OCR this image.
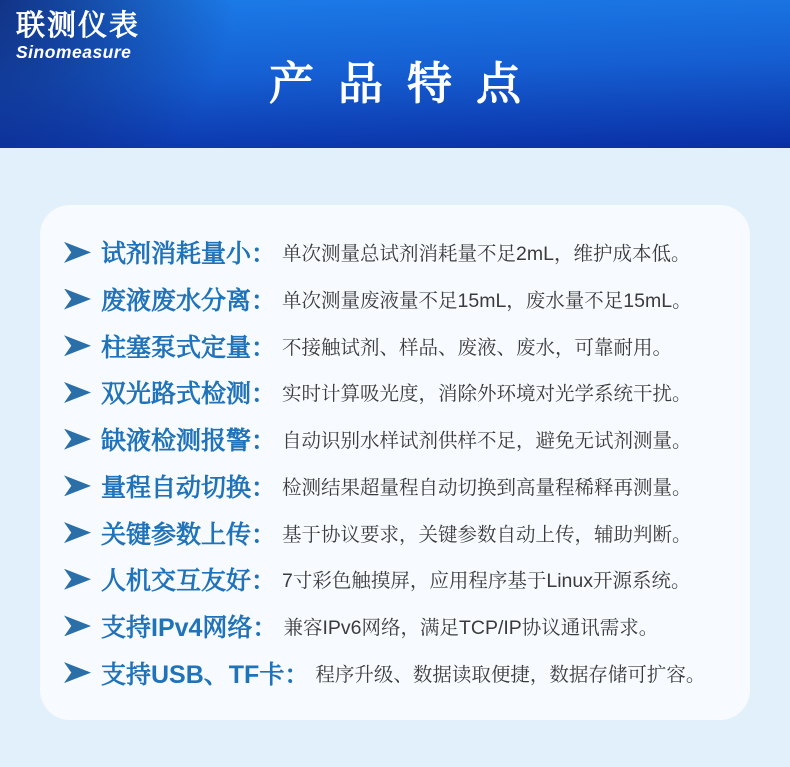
联测仪表
Sinomeasure
产品特点
试剂消耗量小： 单次测量总试剂消耗量不足2mL，维护成本低。
废液废水分离： 单次测量废液量不足15mL，废水量不足15mL。
柱塞泵式定量： 不接触试剂、样品、废液、废水，可靠耐用。
双光路式检测： 实时计算吸光度，消除外环境对光学系统干扰。
缺液检测报警： 自动识别水样试剂供样不足，避免无试剂测量。
量程自动切换： 检测结果超量程自动切换到高量程稀释再测量。
关键参数上传： 基于协议要求，关键参数自动上传，辅助判断。
人机交互友好： 7寸彩色触摸屏，应用程序基于Linux开源系统。
支持IPv4网络： 兼容IPv6网络，满足TCP/IP协议通讯需求。
支持USB、TF卡： 程序升级、数据读取便捷，数据存储可扩容。
